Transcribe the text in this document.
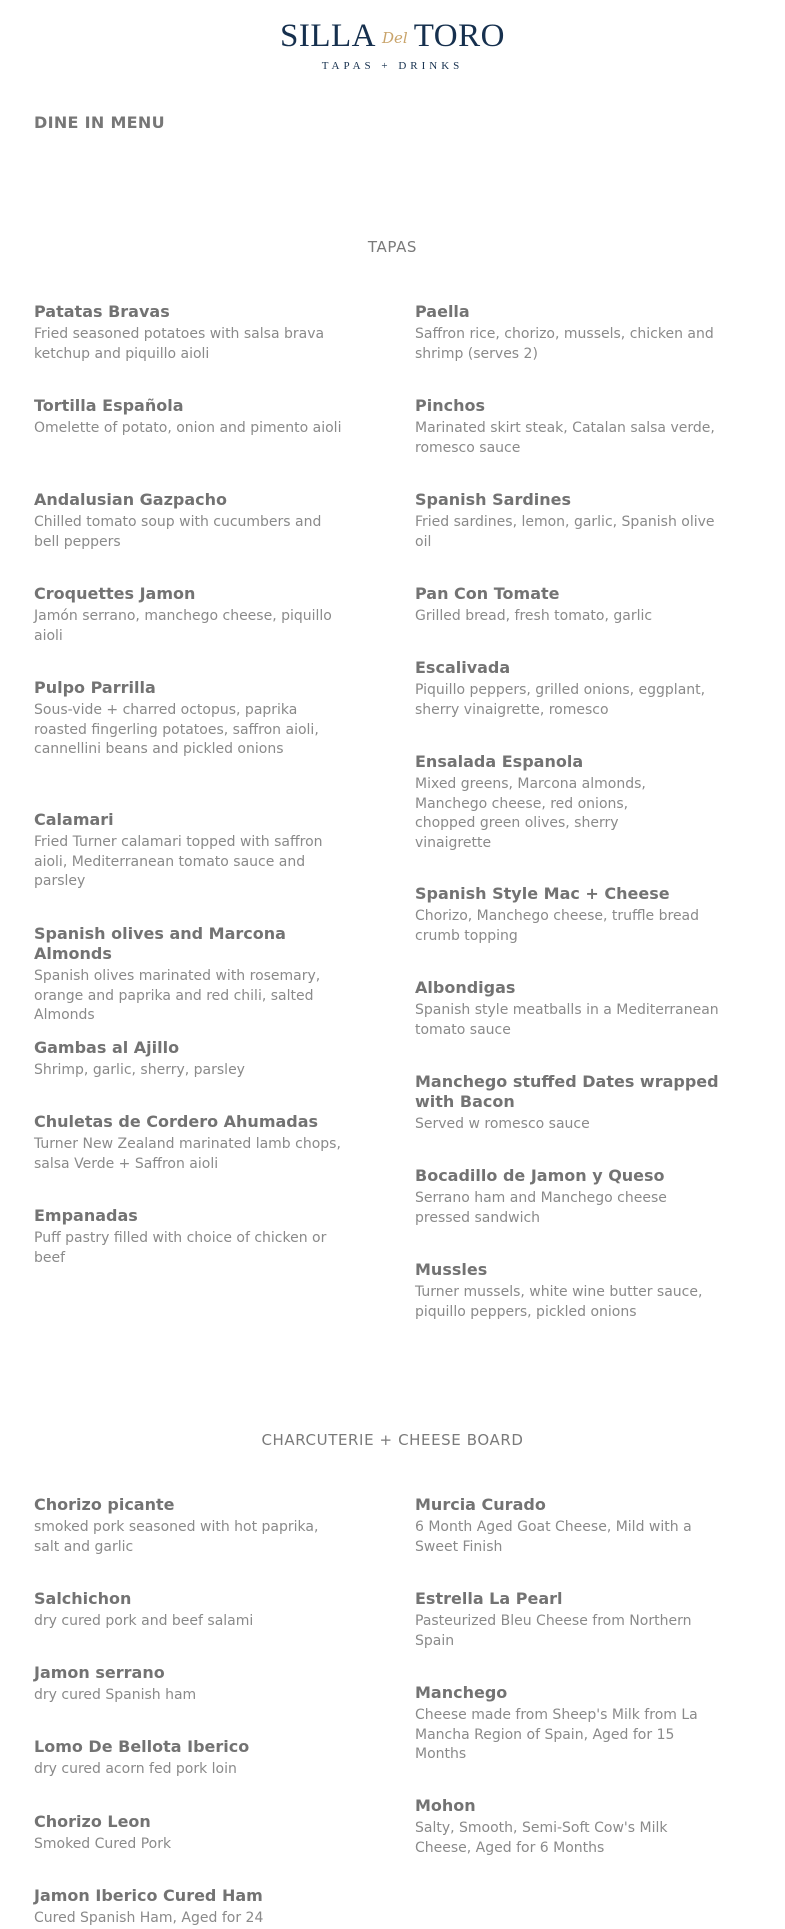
SILLA Del TORO
TAPAS + DRINKS
DINE IN MENU
TAPAS
Patatas Bravas
Fried seasoned potatoes with salsa brava ketchup and piquillo aioli
Tortilla Española
Omelette of potato, onion and pimento aioli
Andalusian Gazpacho
Chilled tomato soup with cucumbers and bell peppers
Croquettes Jamon
Jamón serrano, manchego cheese, piquillo aioli
Pulpo Parrilla
Sous-vide + charred octopus, paprika roasted fingerling potatoes, saffron aioli, cannellini beans and pickled onions
Calamari
Fried Turner calamari topped with saffron aioli, Mediterranean tomato sauce and parsley
Spanish olives and Marcona Almonds
Spanish olives marinated with rosemary, orange and paprika and red chili, salted Almonds
Gambas al Ajillo
Shrimp, garlic, sherry, parsley
Chuletas de Cordero Ahumadas
Turner New Zealand marinated lamb chops, salsa Verde + Saffron aioli
Empanadas
Puff pastry filled with choice of chicken or beef
Paella
Saffron rice, chorizo, mussels, chicken and shrimp (serves 2)
Pinchos
Marinated skirt steak, Catalan salsa verde, romesco sauce
Spanish Sardines
Fried sardines, lemon, garlic, Spanish olive oil
Pan Con Tomate
Grilled bread, fresh tomato, garlic
Escalivada
Piquillo peppers, grilled onions, eggplant, sherry vinaigrette, romesco
Ensalada Espanola
Mixed greens, Marcona almonds, Manchego cheese, red onions, chopped green olives, sherry vinaigrette
Spanish Style Mac + Cheese
Chorizo, Manchego cheese, truffle bread crumb topping
Albondigas
Spanish style meatballs in a Mediterranean tomato sauce
Manchego stuffed Dates wrapped with Bacon
Served w romesco sauce
Bocadillo de Jamon y Queso
Serrano ham and Manchego cheese pressed sandwich
Mussles
Turner mussels, white wine butter sauce, piquillo peppers, pickled onions
CHARCUTERIE + CHEESE BOARD
Chorizo picante
smoked pork seasoned with hot paprika, salt and garlic
Salchichon
dry cured pork and beef salami
Jamon serrano
dry cured Spanish ham
Lomo De Bellota Iberico
dry cured acorn fed pork loin
Chorizo Leon
Smoked Cured Pork
Jamon Iberico Cured Ham
Cured Spanish Ham, Aged for 24
Murcia Curado
6 Month Aged Goat Cheese, Mild with a Sweet Finish
Estrella La Pearl
Pasteurized Bleu Cheese from Northern Spain
Manchego
Cheese made from Sheep's Milk from La Mancha Region of Spain, Aged for 15 Months
Mohon
Salty, Smooth, Semi-Soft Cow's Milk Cheese, Aged for 6 Months
